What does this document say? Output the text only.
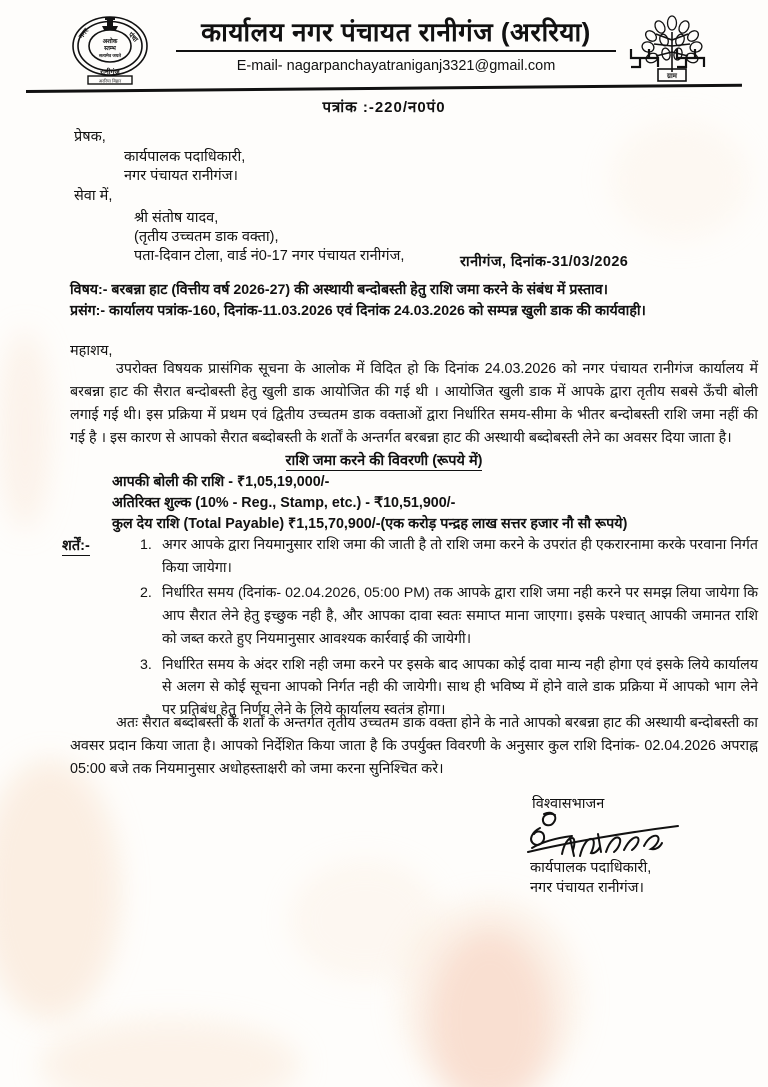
अशोक
स्तम्भ
सत्यमेव जयते
नगर	पंचा
रानीगंज
अररिया बिहार
ग्राम
कार्यालय नगर पंचायत रानीगंज (अररिया)
E-mail- nagarpanchayatraniganj3321@gmail.com
पत्रांक :-220/न0पं0
प्रेषक,
कार्यपालक पदाधिकारी,
नगर पंचायत रानीगंज।
सेवा में,
श्री संतोष यादव,
(तृतीय उच्चतम डाक वक्ता),
पता-दिवान टोला, वार्ड नं0-17 नगर पंचायत रानीगंज,	रानीगंज, दिनांक-31/03/2026
विषय:- बरबन्ना हाट (वित्तीय वर्ष 2026-27) की अस्थायी बन्दोबस्ती हेतु राशि जमा करने के संबंध में प्रस्ताव।
प्रसंग:- कार्यालय पत्रांक-160, दिनांक-11.03.2026 एवं दिनांक 24.03.2026 को सम्पन्न खुली डाक की कार्यवाही।
महाशय,
उपरोक्त विषयक प्रासंगिक सूचना के आलोक में विदित हो कि दिनांक 24.03.2026 को नगर पंचायत रानीगंज कार्यालय में बरबन्ना हाट की सैरात बन्दोबस्ती हेतु खुली डाक आयोजित की गई थी । आयोजित खुली डाक में आपके द्वारा तृतीय सबसे ऊँची बोली लगाई गई थी। इस प्रक्रिया में प्रथम एवं द्वितीय उच्चतम डाक वक्ताओं द्वारा निर्धारित समय-सीमा के भीतर बन्दोबस्ती राशि जमा नहीं की गई है । इस कारण से आपको सैरात बब्दोबस्ती के शर्तों के अन्तर्गत बरबन्ना हाट की अस्थायी बब्दोबस्ती लेने का अवसर दिया जाता है।
राशि जमा करने की विवरणी (रूपये में)
आपकी बोली की राशि - ₹1,05,19,000/-
अतिरिक्त शुल्क (10% - Reg., Stamp, etc.) - ₹10,51,900/-
कुल देय राशि (Total Payable) ₹1,15,70,900/-(एक करोड़ पन्द्रह लाख सत्तर हजार नौ सौ रूपये)
शर्तें:-	1. अगर आपके द्वारा नियमानुसार राशि जमा की जाती है तो राशि जमा करने के उपरांत ही एकरारनामा करके परवाना निर्गत किया जायेगा।
2. निर्धारित समय (दिनांक- 02.04.2026, 05:00 PM) तक आपके द्वारा राशि जमा नही करने पर समझ लिया जायेगा कि आप सैरात लेने हेतु इच्छुक नही है, और आपका दावा स्वतः समाप्त माना जाएगा। इसके पश्चात् आपकी जमानत राशि को जब्त करते हुए नियमानुसार आवश्यक कार्रवाई की जायेगी।
3. निर्धारित समय के अंदर राशि नही जमा करने पर इसके बाद आपका कोई दावा मान्य नही होगा एवं इसके लिये कार्यालय से अलग से कोई सूचना आपको निर्गत नही की जायेगी। साथ ही भविष्य में होने वाले डाक प्रक्रिया में आपको भाग लेने पर प्रतिबंध हेतु निर्णय लेने के लिये कार्यालय स्वतंत्र होगा।
अतः सैरात बब्दोबस्ती के शर्तों के अन्तर्गत तृतीय उच्चतम डाक वक्ता होने के नाते आपको बरबन्ना हाट की अस्थायी बन्दोबस्ती का अवसर प्रदान किया जाता है। आपको निर्देशित किया जाता है कि उपर्युक्त विवरणी के अनुसार कुल राशि दिनांक- 02.04.2026 अपराह्न 05:00 बजे तक नियमानुसार अधोहस्ताक्षरी को जमा करना सुनिश्चित करे।
विश्वासभाजन
कार्यपालक पदाधिकारी,
नगर पंचायत रानीगंज।
